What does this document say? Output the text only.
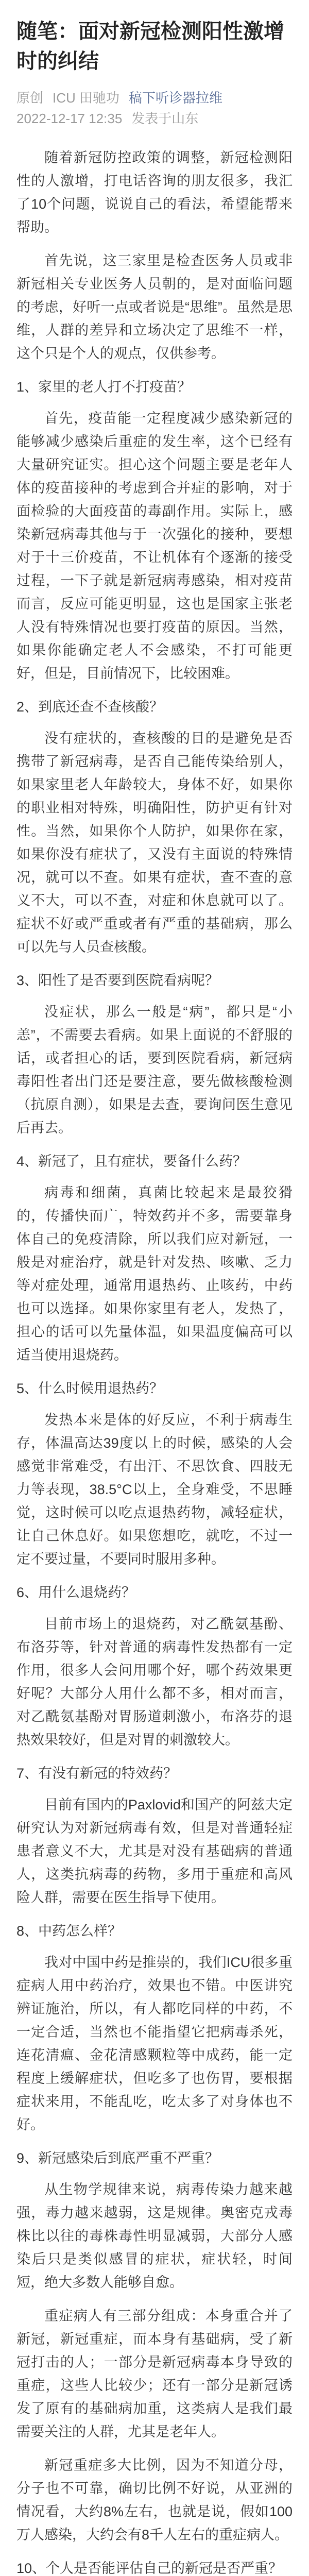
随笔：面对新冠检测阳性激增时的纠结
原创 ICU 田驰功 稿下听诊器拉维
2022-12-17 12:35 发表于山东

随着新冠防控政策的调整，新冠检测阳性的人激增，打电话咨询的朋友很多，我汇了10个问题，说说自己的看法，希望能帮来帮助。

首先说，这三家里是检查医务人员或非新冠相关专业医务人员朝的，是对面临问题的考虑，好听一点或者说是“思维”。虽然是思维，人群的差异和立场决定了思维不一样，这个只是个人的观点，仅供参考。

1、家里的老人打不打疫苗？

首先，疫苗能一定程度减少感染新冠的能够减少感染后重症的发生率，这个已经有大量研究证实。担心这个问题主要是老年人体的疫苗接种的考虑到合并症的影响，对于面检验的大面疫苗的毒副作用。实际上，感染新冠病毒其他与于一次强化的接种，要想对于十三价疫苗，不让机体有个逐渐的接受过程，一下子就是新冠病毒感染，相对疫苗而言，反应可能更明显，这也是国家主张老人没有特殊情况也要打疫苗的原因。当然，如果你能确定老人不会感染，不打可能更好，但是，目前情况下，比较困难。

2、到底还查不查核酸？

没有症状的，查核酸的目的是避免是否携带了新冠病毒，是否自己能传染给别人，如果家里老人年龄较大，身体不好，如果你的职业相对特殊，明确阳性，防护更有针对性。当然，如果你个人防护，如果你在家，如果你没有症状了，又没有主面说的特殊情况，就可以不查。如果有症状，查不查的意义不大，可以不查，对症和休息就可以了。症状不好或严重或者有严重的基础病，那么可以先与人员查核酸。

3、阳性了是否要到医院看病呢？

没症状，那么一般是“病”，都只是“小恙”，不需要去看病。如果上面说的不舒服的话，或者担心的话，要到医院看病，新冠病毒阳性者出门还是要注意，要先做核酸检测（抗原自测），如果是去查，要询问医生意见后再去。

4、新冠了，且有症状，要备什么药？

病毒和细菌，真菌比较起来是最狡猾的，传播快而广，特效药并不多，需要靠身体自己的免疫清除，所以我们应对新冠，一般是对症治疗，就是针对发热、咳嗽、乏力等对症处理，通常用退热药、止咳药，中药也可以选择。如果你家里有老人，发热了，担心的话可以先量体温，如果温度偏高可以适当使用退烧药。

5、什么时候用退热药？

发热本来是体的好反应，不利于病毒生存，体温高达39度以上的时候，感染的人会感觉非常难受，有出汗、不思饮食、四肢无力等表现，38.5°C以上，全身难受，不思睡觉，这时候可以吃点退热药物，减轻症状，让自己休息好。如果您想吃，就吃，不过一定不要过量，不要同时服用多种。

6、用什么退烧药？

目前市场上的退烧药，对乙酰氨基酚、布洛芬等，针对普通的病毒性发热都有一定作用，很多人会问用哪个好，哪个药效果更好呢？大部分人用什么都不多，相对而言，对乙酰氨基酚对胃肠道刺激小，布洛芬的退热效果较好，但是对胃的刺激较大。

7、有没有新冠的特效药？

目前有国内的Paxlovid和国产的阿兹夫定研究认为对新冠病毒有效，但是对普通轻症患者意义不大，尤其是对没有基础病的普通人，这类抗病毒的药物，多用于重症和高风险人群，需要在医生指导下使用。

8、中药怎么样？

我对中国中药是推崇的，我们ICU很多重症病人用中药治疗，效果也不错。中医讲究辨证施治，所以，有人都吃同样的中药，不一定合适，当然也不能指望它把病毒杀死，连花清瘟、金花清感颗粒等中成药，能一定程度上缓解症状，但吃多了也伤胃，要根据症状来用，不能乱吃，吃太多了对身体也不好。

9、新冠感染后到底严重不严重？

从生物学规律来说，病毒传染力越来越强，毒力越来越弱，这是规律。奥密克戎毒株比以往的毒株毒性明显减弱，大部分人感染后只是类似感冒的症状，症状轻，时间短，绝大多数人能够自愈。

重症病人有三部分组成：本身重合并了新冠，新冠重症，而本身有基础病，受了新冠打击的人；一部分是新冠病毒本身导致的重症，这些人比较少；还有一部分是新冠诱发了原有的基础病加重，这类病人是我们最需要关注的人群，尤其是老年人。

新冠重症多大比例，因为不知道分母，分子也不可靠，确切比例不好说，从亚洲的情况看，大约8%左右，也就是说，假如100万人感染，大约会有8千人左右的重症病人。

10、个人是否能评估自己的新冠是否严重？
